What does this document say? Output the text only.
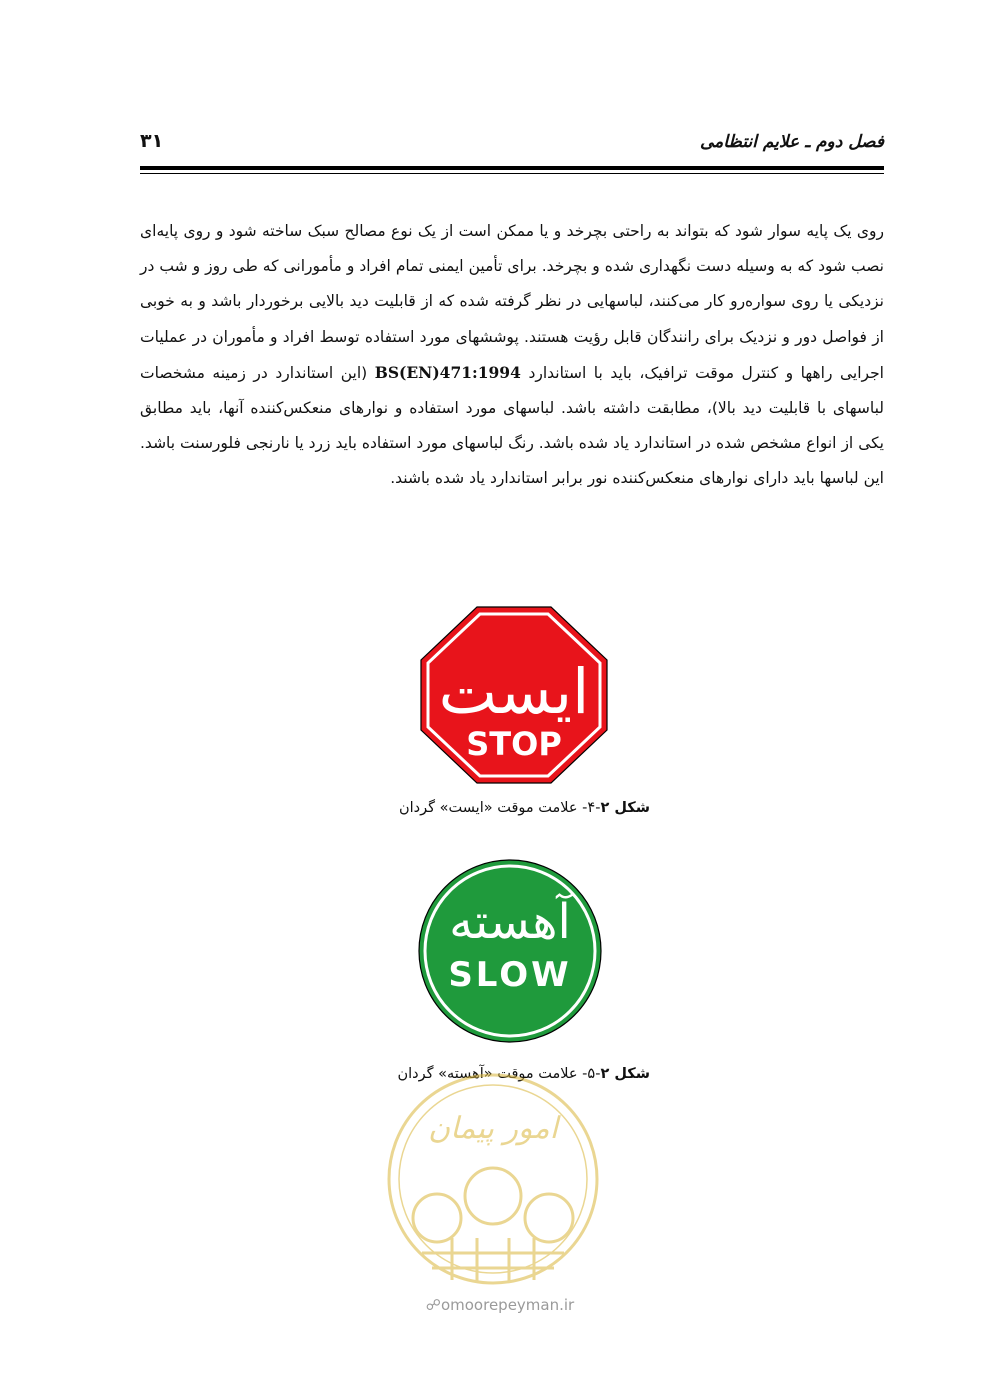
فصل دوم ـ علایم انتظامی
۳۱
روی یک پایه سوار شود که بتواند به راحتی بچرخد و یا ممکن است از یک نوع مصالح سبک ساخته شود و روی پایه‌ای نصب شود که به وسیله دست نگهداری شده و بچرخد. برای تأمین ایمنی تمام افراد و مأمورانی که طی روز و شب در نزدیکی یا روی سواره‌رو کار می‌کنند، لباسهایی در نظر گرفته شده که از قابلیت دید بالایی برخوردار باشد و به خوبی از فواصل دور و نزدیک برای رانندگان قابل رؤیت هستند. پوششهای مورد استفاده توسط افراد و مأموران در عملیات اجرایی راهها و کنترل موقت ترافیک، باید با استاندارد BS(EN)471:1994 (این استاندارد در زمینه مشخصات لباسهای با قابلیت دید بالا)، مطابقت داشته باشد. لباسهای مورد استفاده و نوارهای منعکس‌کننده آنها، باید مطابق یکی از انواع مشخص شده در استاندارد یاد شده باشد. رنگ لباسهای مورد استفاده باید زرد یا نارنجی فلورسنت باشد. این لباسها باید دارای نوارهای منعکس‌کننده نور برابر استاندارد یاد شده باشند.
ایست
STOP
شکل ۲-۴- علامت موقت «ایست» گردان
آهسته
SLOW
شکل ۲-۵- علامت موقت «آهسته» گردان
امور پیمان
☍omoorepeyman.ir
